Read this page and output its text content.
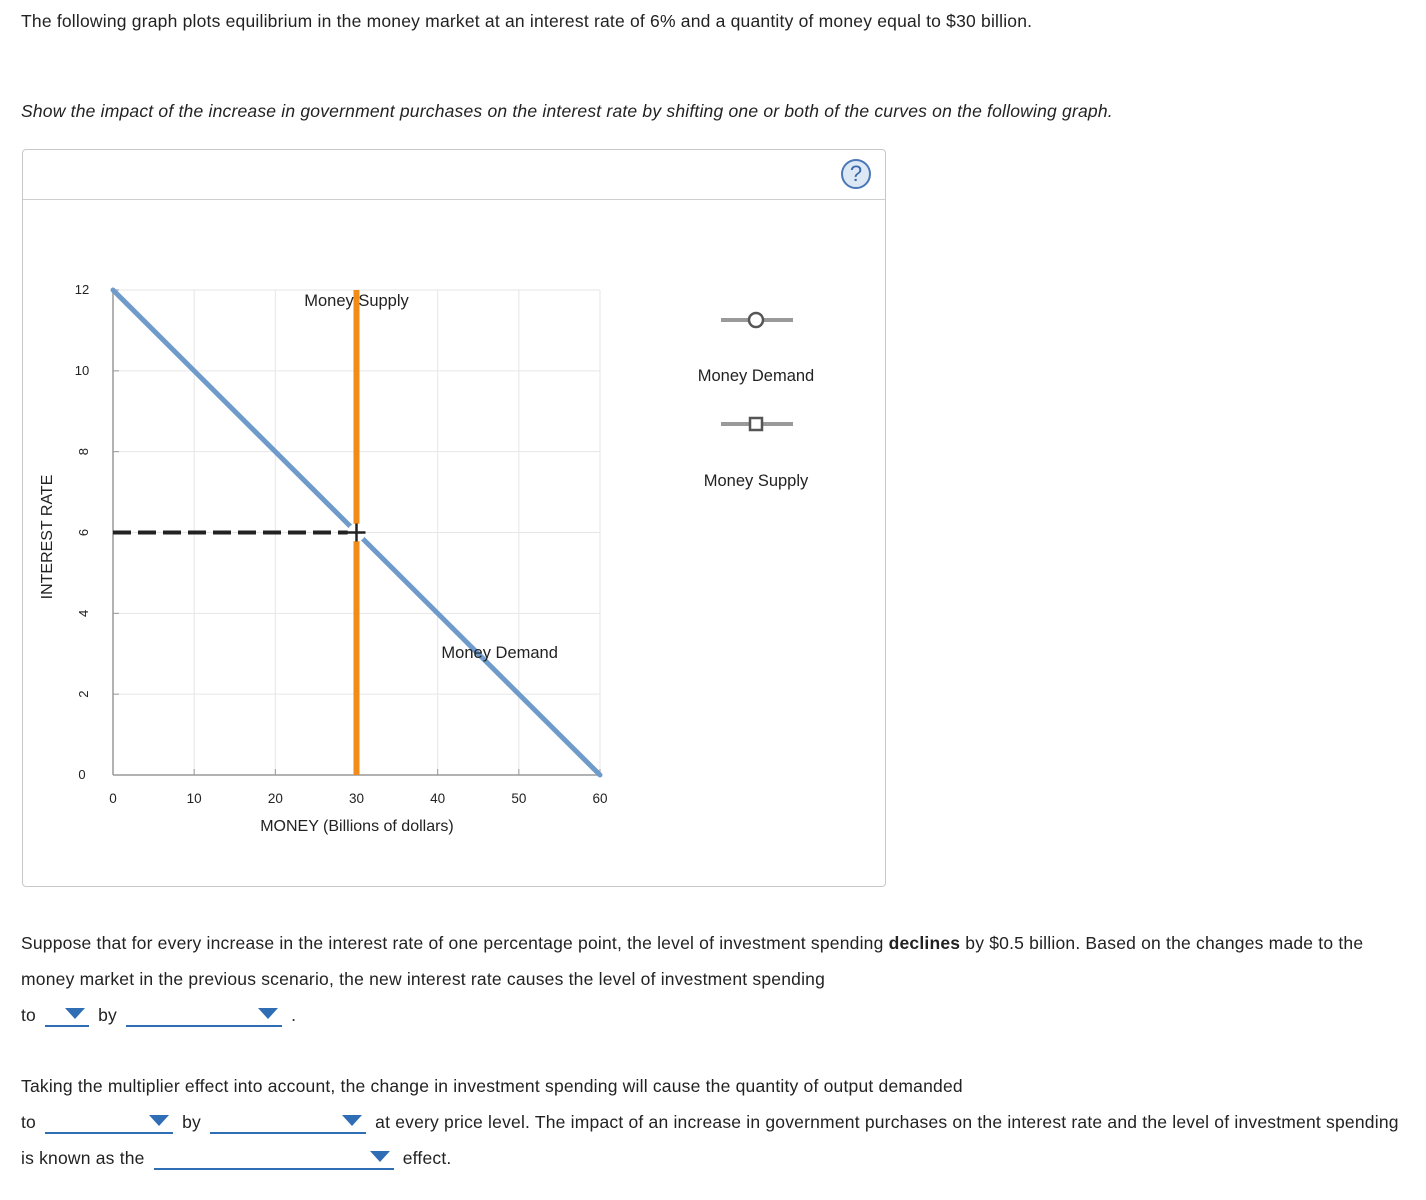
The following graph plots equilibrium in the money market at an interest rate of 6% and a quantity of money equal to $30 billion.
Show the impact of the increase in government purchases on the interest rate by shifting one or both of the curves on the following graph.
?
0
2
4
6
8
10
12
0	10	20	30	40	50	60
INTEREST RATE
MONEY (Billions of dollars)
Money Supply
Money Demand
Money Demand
Money Supply
Suppose that for every increase in the interest rate of one percentage point, the level of investment spending declines by $0.5 billion. Based on the changes made to the money market in the previous scenario, the new interest rate causes the level of investment spending
to	by	.
Taking the multiplier effect into account, the change in investment spending will cause the quantity of output demanded
to	by	at every price level. The impact of an increase in government purchases on the interest rate and the level of investment spending is known as the	effect.
